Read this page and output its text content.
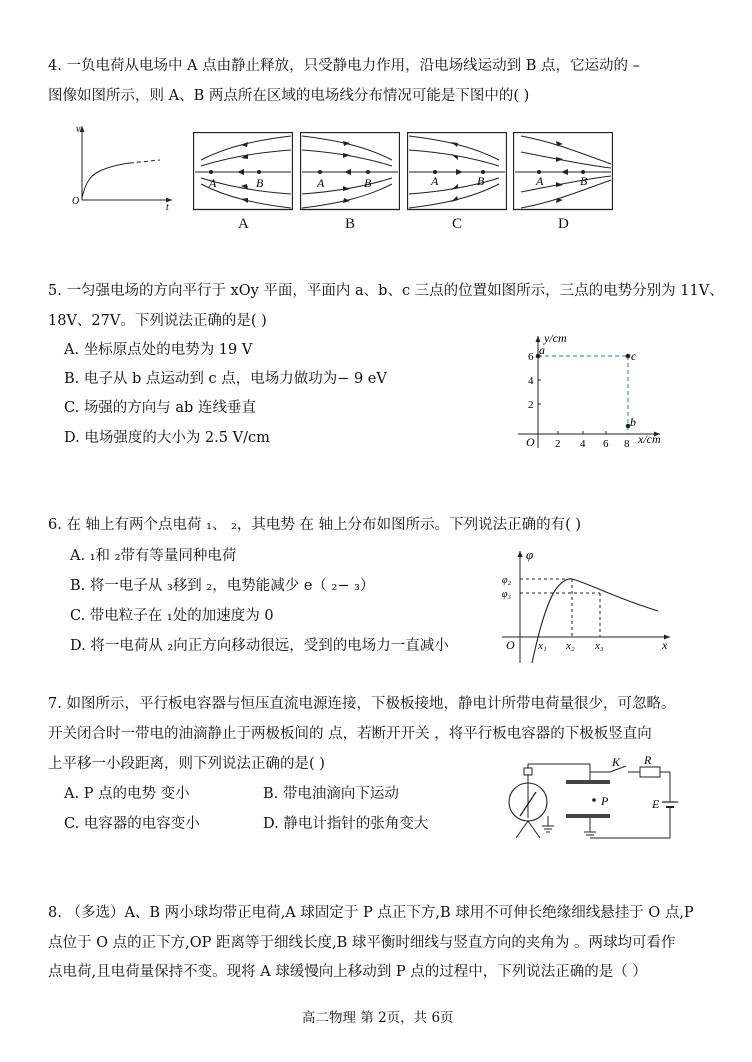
4. 一负电荷从电场中 A 点由静止释放，只受静电力作用，沿电场线运动到 B 点，它运动的 –
图像如图所示，则 A、B 两点所在区域的电场线分布情况可能是下图中的( )
v
t
O
A	B	A	B	A	B	A	B
A	B	C	D
5. 一匀强电场的方向平行于 xOy 平面，平面内 a、b、c 三点的位置如图所示，三点的电势分别为 11V、
18V、27V。下列说法正确的是( )
A. 坐标原点处的电势为 19 V
B. 电子从 b 点运动到 c 点，电场力做功为− 9 eV
C. 场强的方向与 ab 连线垂直
D. 电场强度的大小为 2.5 V/cm
y/cm
x/cm
O
6
4
2
2 4 6 8
a	c
b
6. 在 轴上有两个点电荷 ₁、 ₂，其电势 在 轴上分布如图所示。下列说法正确的有( )
A. ₁和 ₂带有等量同种电荷
B. 将一电子从 ₃移到 ₂，电势能减少 e（ ₂− ₃）
C. 带电粒子在 ₁处的加速度为 0
D. 将一电荷从 ₂向正方向移动很远，受到的电场力一直减小
φ
x
O
φ₂
φ₃
x₁ x₂ x₃
7. 如图所示，平行板电容器与恒压直流电源连接，下极板接地，静电计所带电荷量很少，可忽略。
开关闭合时一带电的油滴静止于两极板间的 点，若断开开关 ，将平行板电容器的下极板竖直向
上平移一小段距离，则下列说法正确的是( )
A. P 点的电势 变小	B. 带电油滴向下运动
C. 电容器的电容变小	D. 静电计指针的张角变大
P
K R
E
8. （多选）A、B 两小球均带正电荷,A 球固定于 P 点正下方,B 球用不可伸长绝缘细线悬挂于 O 点,P
点位于 O 点的正下方,OP 距离等于细线长度,B 球平衡时细线与竖直方向的夹角为 。两球均可看作
点电荷,且电荷量保持不变。现将 A 球缓慢向上移动到 P 点的过程中，下列说法正确的是（ ）
高二物理 第 2页，共 6页
